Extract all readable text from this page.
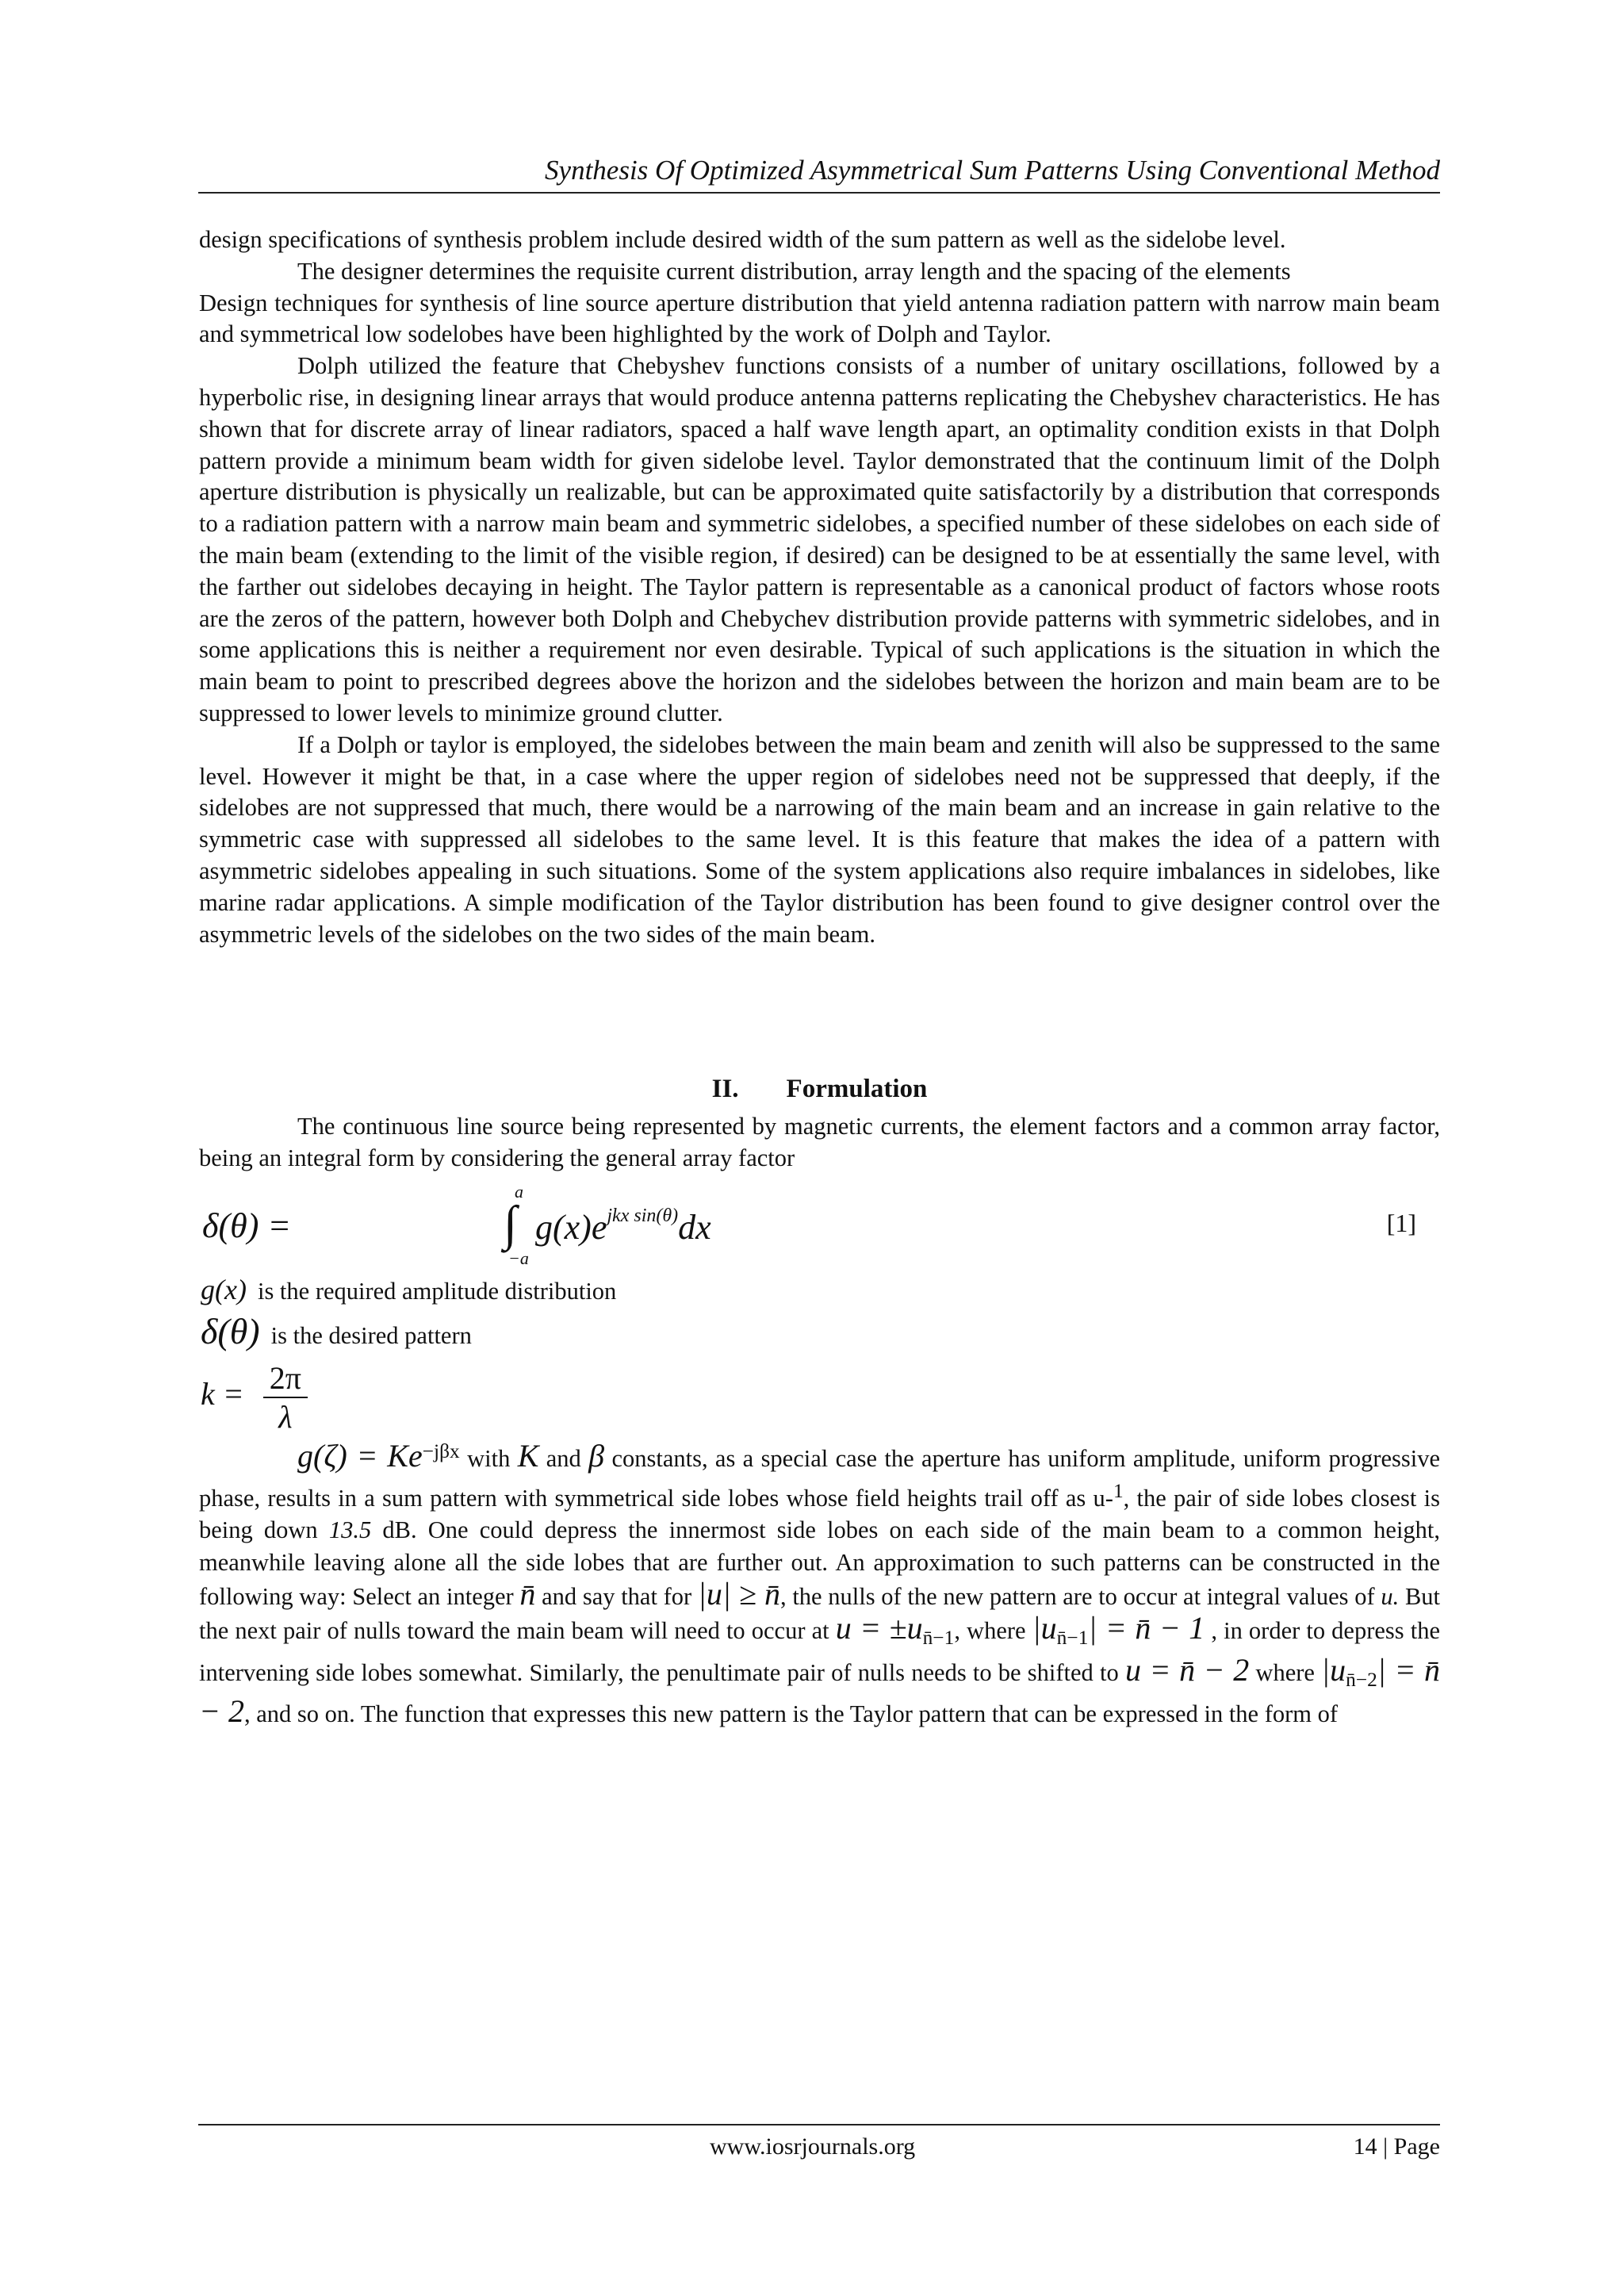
Synthesis Of Optimized Asymmetrical Sum Patterns Using Conventional Method

design specifications of synthesis problem include desired width of the sum pattern as well as the sidelobe level.

The designer determines the requisite current distribution, array length and the spacing of the elements

Design techniques for synthesis of line source aperture distribution that yield antenna radiation pattern with narrow main beam and symmetrical low sodelobes have been highlighted by the work of Dolph and Taylor.

Dolph utilized the feature that Chebyshev functions consists of a number of unitary oscillations, followed by a hyperbolic rise, in designing linear arrays that would produce antenna patterns replicating the Chebyshev characteristics. He has shown that for discrete array of linear radiators, spaced a half wave length apart, an optimality condition exists in that Dolph pattern provide a minimum beam width for given sidelobe level. Taylor demonstrated that the continuum limit of the Dolph aperture distribution is physically un realizable, but can be approximated quite satisfactorily by a distribution that corresponds to a radiation pattern with a narrow main beam and symmetric sidelobes, a specified number of these sidelobes on each side of the main beam (extending to the limit of the visible region, if desired) can be designed to be at essentially the same level, with the farther out sidelobes decaying in height. The Taylor pattern is representable as a canonical product of factors whose roots are the zeros of the pattern, however both Dolph and Chebychev distribution provide patterns with symmetric sidelobes, and in some applications this is neither a requirement nor even desirable. Typical of such applications is the situation in which the main beam to point to prescribed degrees above the horizon and the sidelobes between the horizon and main beam are to be suppressed to lower levels to minimize ground clutter.

If a Dolph or taylor is employed, the sidelobes between the main beam and zenith will also be suppressed to the same level. However it might be that, in a case where the upper region of sidelobes need not be suppressed that deeply, if the sidelobes are not suppressed that much, there would be a narrowing of the main beam and an increase in gain relative to the symmetric case with suppressed all sidelobes to the same level. It is this feature that makes the idea of a pattern with asymmetric sidelobes appealing in such situations. Some of the system applications also require imbalances in sidelobes, like marine radar applications. A simple modification of the Taylor distribution has been found to give designer control over the asymmetric levels of the sidelobes on the two sides of the main beam.

II. Formulation

The continuous line source being represented by magnetic currents, the element factors and a common array factor, being an integral form by considering the general array factor

δ(θ) =
a
∫
−a
$g(x)e^{jkx sin(\theta)}dx$	[1]
g(x) is the required amplitude distribution
δ(θ) is the desired pattern
$k = \frac{2\pi}{\lambda}$

$g(\zeta) = Ke^{-j\beta x}$ with K and β constants, as a special case the aperture has uniform amplitude, uniform progressive phase, results in a sum pattern with symmetrical side lobes whose field heights trail off as u-$^1$, the pair of side lobes closest is being down 13.5 dB. One could depress the innermost side lobes on each side of the main beam to a common height, meanwhile leaving alone all the side lobes that are further out. An approximation to such patterns can be constructed in the following way: Select an integer n̄ and say that for |u| ≥ n̄, the nulls of the new pattern are to occur at integral values of u. But the next pair of nulls toward the main beam will need to occur at $u = \pm u_{n̄-1}$, where $|u_{n̄-1}|$ = n̄ − 1 , in order to depress the intervening side lobes somewhat. Similarly, the penultimate pair of nulls needs to be shifted to u = n̄ − 2 where $|u_{n̄-2}|$ = n̄ − 2, and so on. The function that expresses this new pattern is the Taylor pattern that can be expressed in the form of

www.iosrjournals.org	14 | Page
